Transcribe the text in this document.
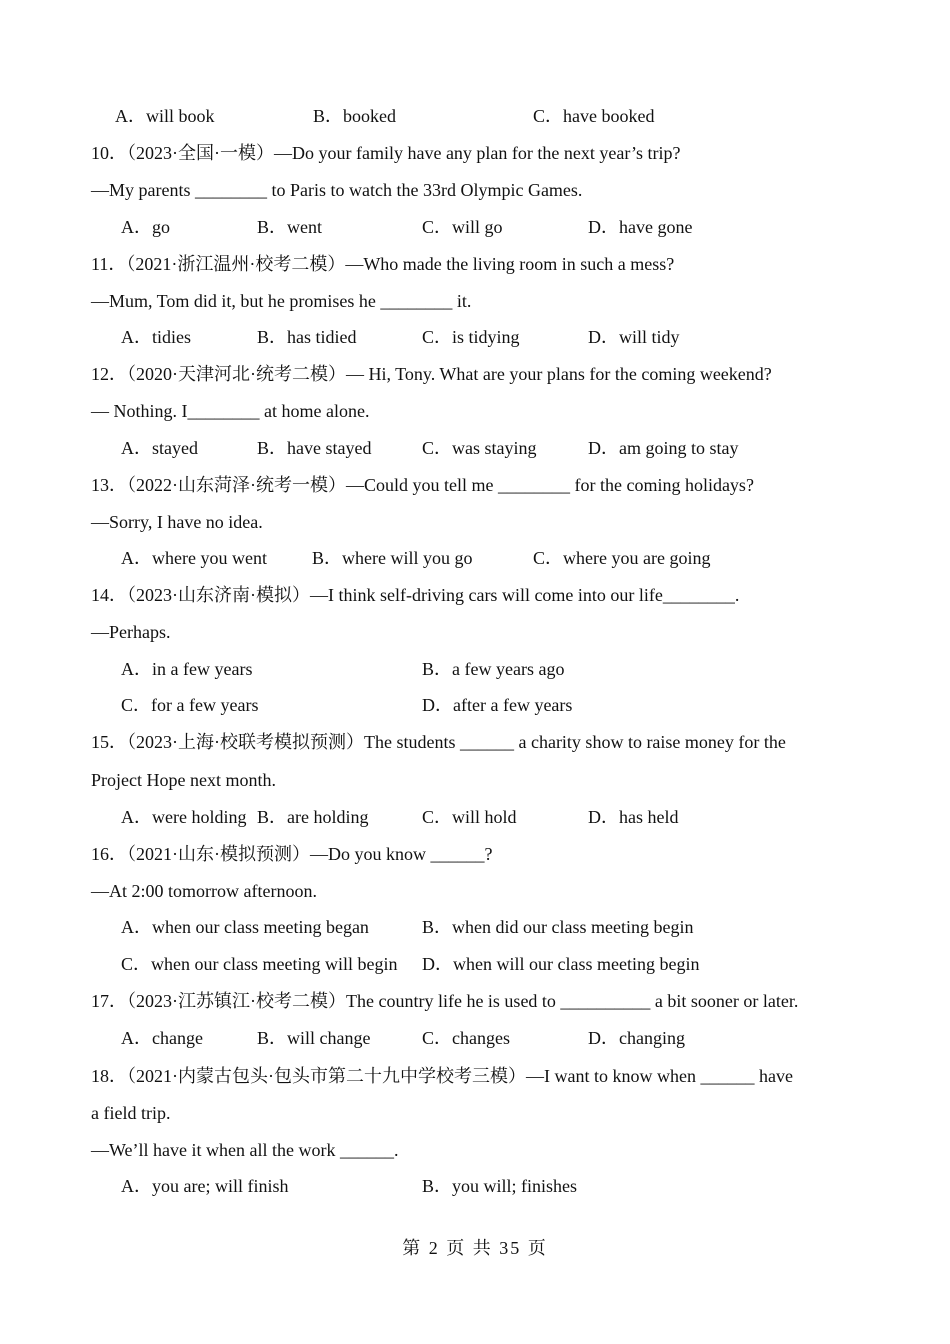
A．will book	B．booked	C．have booked
10．（2023·全国·一模）—Do your family have any plan for the next year’s trip?
—My parents ________ to Paris to watch the 33rd Olympic Games.
A．go	B．went	C．will go	D．have gone
11．（2021·浙江温州·校考二模）—Who made the living room in such a mess?
—Mum, Tom did it, but he promises he ________ it.
A．tidies	B．has tidied	C．is tidying	D．will tidy
12．（2020·天津河北·统考二模）— Hi, Tony. What are your plans for the coming weekend?
— Nothing. I________ at home alone.
A．stayed	B．have stayed	C．was staying	D．am going to stay
13．（2022·山东菏泽·统考一模）—Could you tell me ________ for the coming holidays?
—Sorry, I have no idea.
A．where you went	B．where will you go	C．where you are going
14．（2023·山东济南·模拟）—I think self-driving cars will come into our life________.
—Perhaps.
A．in a few years	B．a few years ago
C．for a few years	D．after a few years
15．（2023·上海·校联考模拟预测）The students ______ a charity show to raise money for the
Project Hope next month.
A．were holding B．are holding	C．will hold	D．has held
16．（2021·山东·模拟预测）—Do you know ______?
—At 2:00 tomorrow afternoon.
A．when our class meeting began	B．when did our class meeting begin
C．when our class meeting will begin D．when will our class meeting begin
17．（2023·江苏镇江·校考二模）The country life he is used to __________ a bit sooner or later.
A．change	B．will change	C．changes	D．changing
18．（2021·内蒙古包头·包头市第二十九中学校考三模）—I want to know when ______ have
a field trip.
—We’ll have it when all the work ______.
A．you are; will finish	B．you will; finishes
第 2 页 共 35 页
